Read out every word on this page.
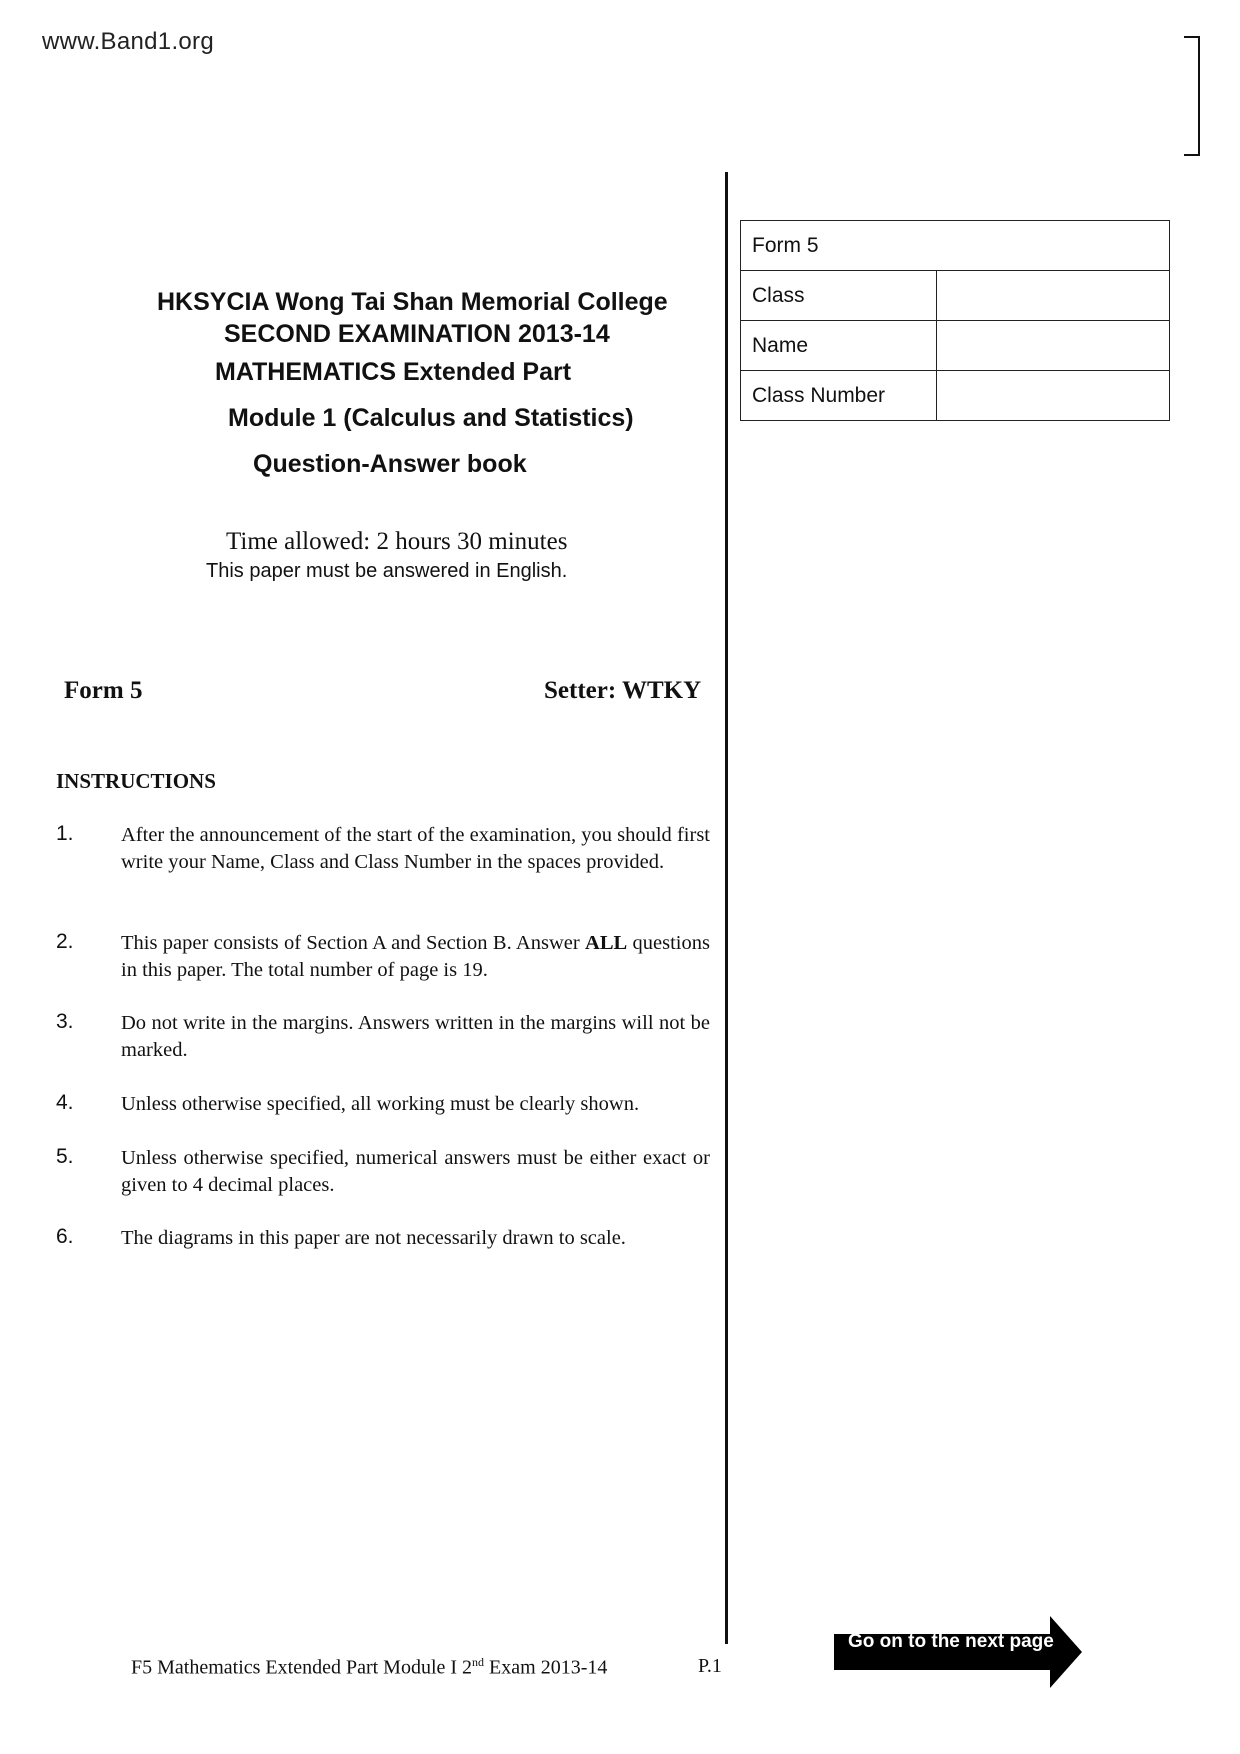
www.Band1.org
HKSYCIA Wong Tai Shan Memorial College
SECOND EXAMINATION 2013-14
MATHEMATICS Extended Part
Module 1 (Calculus and Statistics)
Question-Answer book
Time allowed: 2 hours 30 minutes
This paper must be answered in English.
Form 5	Setter: WTKY
INSTRUCTIONS
1. After the announcement of the start of the examination, you should first write your Name, Class and Class Number in the spaces provided.
2. This paper consists of Section A and Section B. Answer ALL questions in this paper. The total number of page is 19.
3. Do not write in the margins. Answers written in the margins will not be marked.
4. Unless otherwise specified, all working must be clearly shown.
5. Unless otherwise specified, numerical answers must be either exact or given to 4 decimal places.
6. The diagrams in this paper are not necessarily drawn to scale.
Form 5	
Class	
Name	
Class Number	
F5 Mathematics Extended Part Module I 2nd Exam 2013-14	P.1
Go on to the next page
